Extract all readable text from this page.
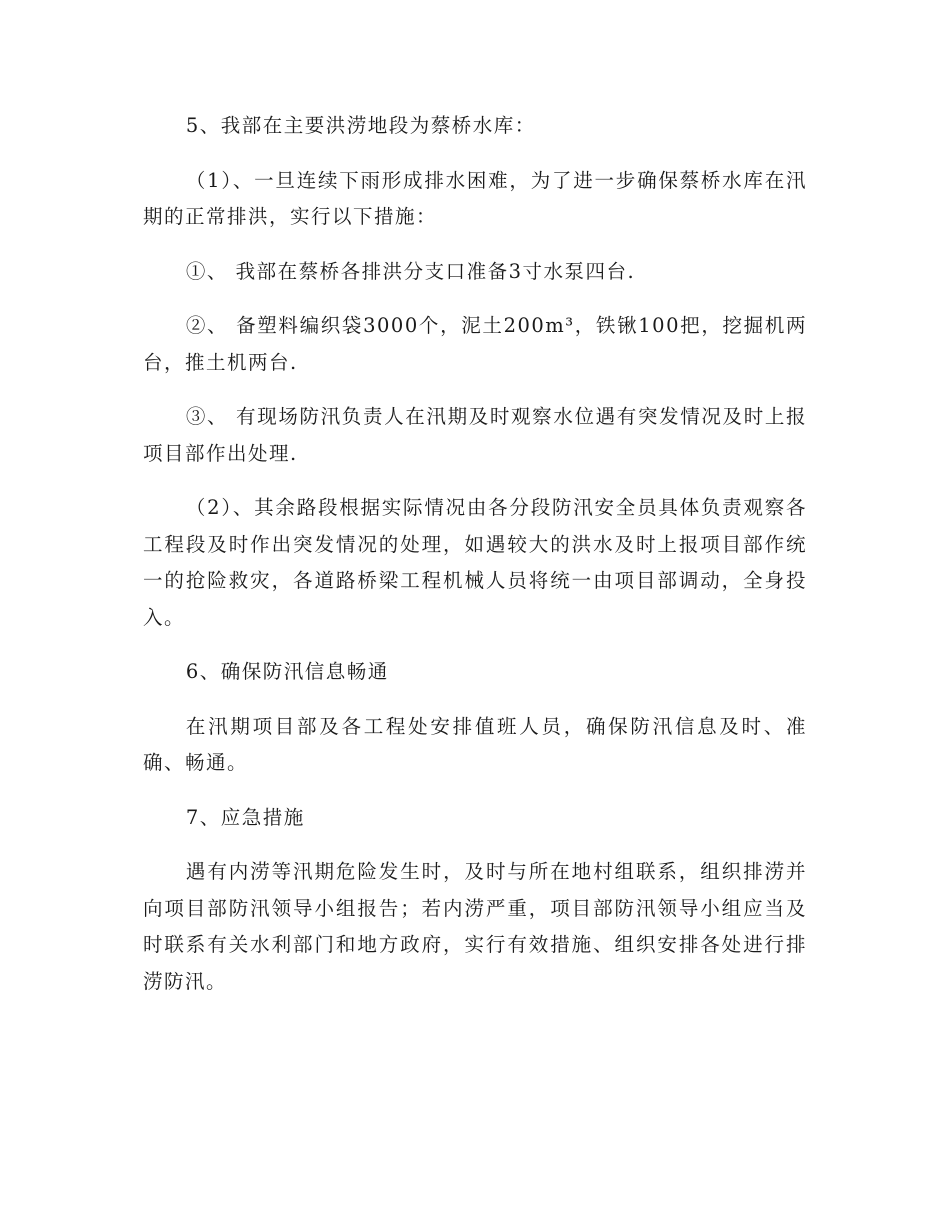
5、我部在主要洪涝地段为蔡桥水库：

（1）、一旦连续下雨形成排水困难，为了进一步确保蔡桥水库在汛期的正常排洪，实行以下措施：

①、 我部在蔡桥各排洪分支口准备3寸水泵四台.

②、 备塑料编织袋3000个，泥土200m³，铁锹100把，挖掘机两台，推土机两台.

③、 有现场防汛负责人在汛期及时观察水位遇有突发情况及时上报项目部作出处理.

（2）、其余路段根据实际情况由各分段防汛安全员具体负责观察各工程段及时作出突发情况的处理，如遇较大的洪水及时上报项目部作统一的抢险救灾，各道路桥梁工程机械人员将统一由项目部调动，全身投入。

6、确保防汛信息畅通

在汛期项目部及各工程处安排值班人员，确保防汛信息及时、准确、畅通。

7、应急措施

遇有内涝等汛期危险发生时，及时与所在地村组联系，组织排涝并向项目部防汛领导小组报告；若内涝严重，项目部防汛领导小组应当及时联系有关水利部门和地方政府，实行有效措施、组织安排各处进行排涝防汛。
